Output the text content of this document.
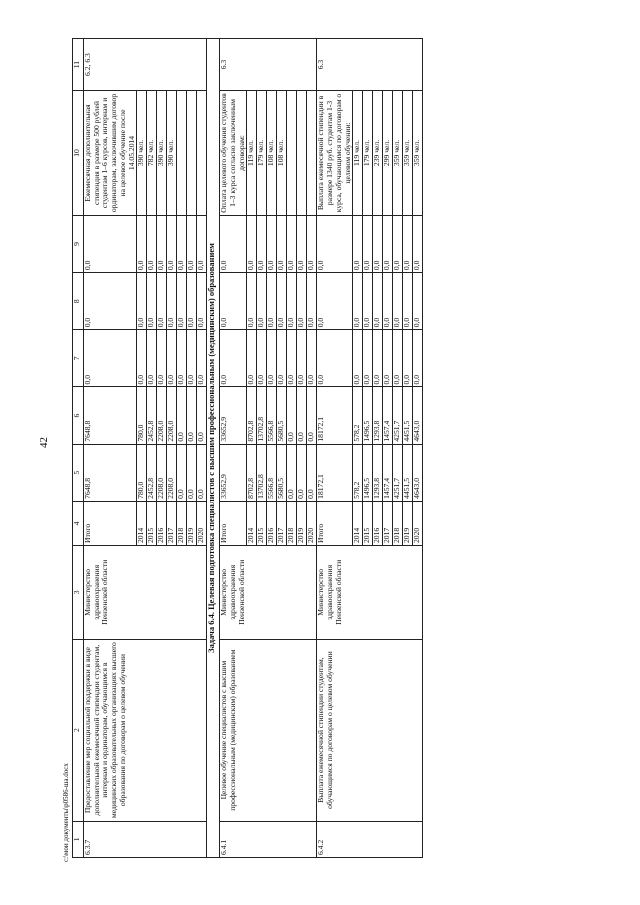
42
c:\мои документы\р0586-ша.docx 1	2	3	4	5	6	7	8	9	10	11
6.3.7	Предоставление мер социальной поддержки в виде дополнительной ежемесячной стипендии студентам, интернам и ординаторам, обучающимся в медицинских образовательных организациях высшего образования по договорам о целевом обучении	Министерство здравоохранения Пензенской области	Итого	7648,8	7648,8	0,0	0,0	0,0	Ежемесячная дополнительная стипендия в размере 500 рублей студентам 1–6 курсов, интернам и ординаторам, заключившим договор на целевое обучение после 14.05.2014	6.2, 6.3
			2014	780,0	780,0	0,0	0,0	0,0	390 чел.	
			2015	2452,8	2452,8	0,0	0,0	0,0	782 чел.	
			2016	2208,0	2208,0	0,0	0,0	0,0	390 чел.	
			2017	2208,0	2208,0	0,0	0,0	0,0	390 чел.	
			2018	0,0	0,0	0,0	0,0	0,0		
			2019	0,0	0,0	0,0	0,0	0,0		
			2020	0,0	0,0	0,0	0,0	0,0		
Задача 6.4. Целевая подготовка специалистов с высшим профессиональным (медицинским) образованием										
6.4.1	Целевое обучение специалистов с высшим профессиональным (медицинским) образованием	Министерство здравоохранения Пензенской области	Итого	33652,9	33652,9	0,0	0,0	0,0	Оплата целевого обучения студентов 1–3 курса согласно заключенным договорам:	6.3
			2014	8702,8	8702,8	0,0	0,0	0,0	119 чел.	
			2015	13702,8	13702,8	0,0	0,0	0,0	179 чел.	
			2016	5566,8	5566,8	0,0	0,0	0,0	108 чел.	
			2017	5680,5	5680,5	0,0	0,0	0,0	108 чел.	
			2018	0,0	0,0	0,0	0,0	0,0		
			2019	0,0	0,0	0,0	0,0	0,0		
			2020	0,0	0,0	0,0	0,0	0,0		
6.4.2	Выплата ежемесячной стипендии студентам, обучающимся по договорам о целевом обучении	Министерство здравоохранения Пензенской области	Итого	18172,1	18172,1	0,0	0,0	0,0	Выплата ежемесячной стипендии в размере 1340 руб. студентам 1-3 курса, обучающимся по договорам о целевом обучении:	6.3
			2014	578,2	578,2	0,0	0,0	0,0	119 чел.	
			2015	1496,5	1496,5	0,0	0,0	0,0	179 чел.	
			2016	1293,8	1293,8	0,0	0,0	0,0	239 чел.	
			2017	1457,4	1457,4	0,0	0,0	0,0	299 чел.	
			2018	4251,7	4251,7	0,0	0,0	0,0	359 чел.	
			2019	4451,5	4451,5	0,0	0,0	0,0	359 чел.	
			2020	4643,0	4643,0	0,0	0,0	0,0	359 чел.	
